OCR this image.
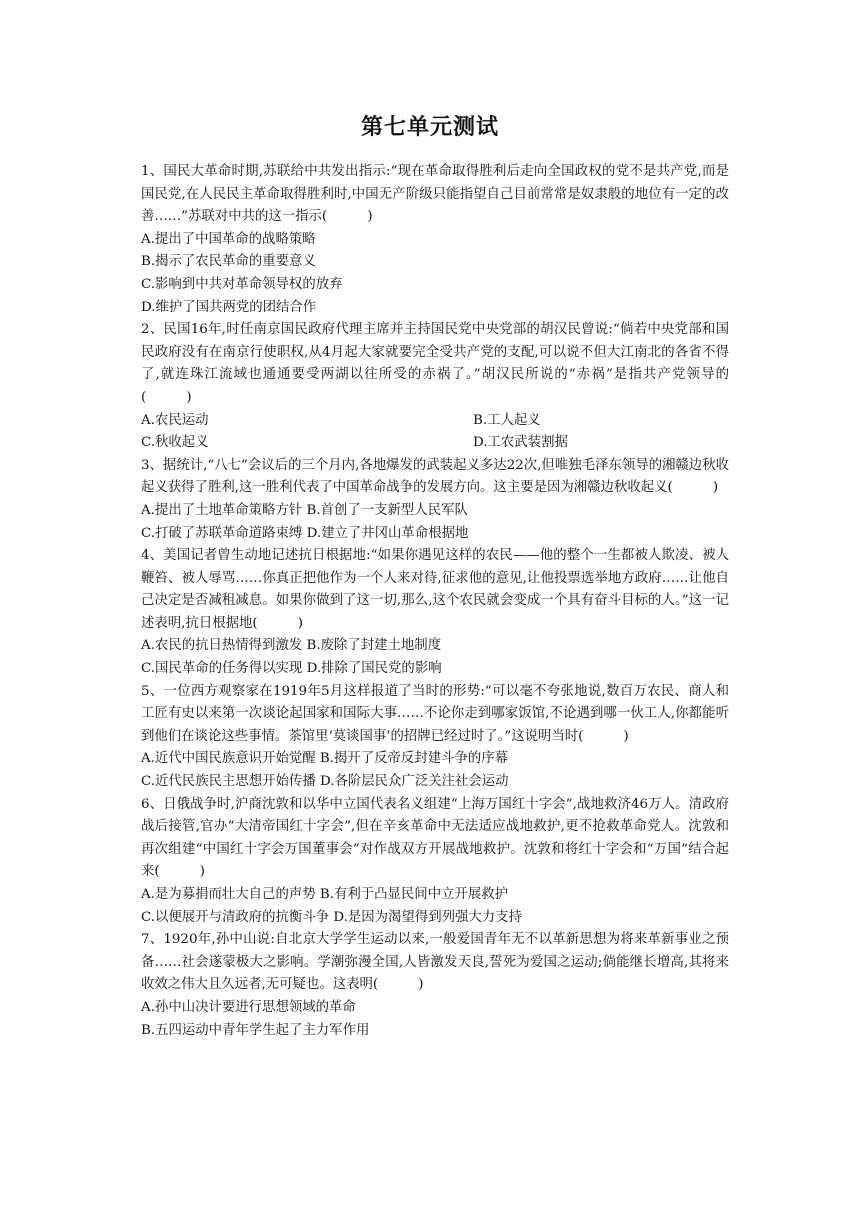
第七单元测试

1、国民大革命时期,苏联给中共发出指示:“现在革命取得胜利后走向全国政权的党不是共产党,而是国民党,在人民民主革命取得胜利时,中国无产阶级只能指望自己目前常常是奴隶般的地位有一定的改善……”苏联对中共的这一指示(　　　)

A.提出了中国革命的战略策略

B.揭示了农民革命的重要意义

C.影响到中共对革命领导权的放弃

D.维护了国共两党的团结合作

2、民国16年,时任南京国民政府代理主席并主持国民党中央党部的胡汉民曾说:“倘若中央党部和国民政府没有在南京行使职权,从4月起大家就要完全受共产党的支配,可以说不但大江南北的各省不得了,就连珠江流域也通通要受两湖以往所受的赤祸了。”胡汉民所说的“赤祸”是指共产党领导的(　　　)

A.农民运动	B.工人起义
C.秋收起义	D.工农武装割据

3、据统计,“八七”会议后的三个月内,各地爆发的武装起义多达22次,但唯独毛泽东领导的湘赣边秋收起义获得了胜利,这一胜利代表了中国革命战争的发展方向。这主要是因为湘赣边秋收起义(　　　)

A.提出了土地革命策略方针 B.首创了一支新型人民军队

C.打破了苏联革命道路束缚 D.建立了井冈山革命根据地

4、美国记者曾生动地记述抗日根据地:“如果你遇见这样的农民——他的整个一生都被人欺凌、被人鞭笞、被人辱骂……你真正把他作为一个人来对待,征求他的意见,让他投票选举地方政府……让他自己决定是否减租减息。如果你做到了这一切,那么,这个农民就会变成一个具有奋斗目标的人。”这一记述表明,抗日根据地(　　　)

A.农民的抗日热情得到激发 B.废除了封建土地制度

C.国民革命的任务得以实现 D.排除了国民党的影响

5、一位西方观察家在1919年5月这样报道了当时的形势:“可以毫不夸张地说,数百万农民、商人和工匠有史以来第一次谈论起国家和国际大事……不论你走到哪家饭馆,不论遇到哪一伙工人,你都能听到他们在谈论这些事情。茶馆里‘莫谈国事’的招牌已经过时了。”这说明当时(　　　)

A.近代中国民族意识开始觉醒 B.揭开了反帝反封建斗争的序幕

C.近代民族民主思想开始传播 D.各阶层民众广泛关注社会运动

6、日俄战争时,沪商沈敦和以华中立国代表名义组建“上海万国红十字会”,战地救济46万人。清政府战后接管,官办“大清帝国红十字会”,但在辛亥革命中无法适应战地救护,更不抢救革命党人。沈敦和再次组建“中国红十字会万国董事会”对作战双方开展战地救护。沈敦和将红十字会和“万国”结合起来(　　　)

A.是为募捐而壮大自己的声势 B.有利于凸显民间中立开展救护

C.以便展开与清政府的抗衡斗争 D.是因为渴望得到列强大力支持

7、1920年,孙中山说:自北京大学学生运动以来,一般爱国青年无不以革新思想为将来革新事业之预备……社会遂蒙极大之影响。学潮弥漫全国,人皆激发天良,誓死为爱国之运动;倘能继长增高,其将来收效之伟大且久远者,无可疑也。这表明(　　　)

A.孙中山决计要进行思想领域的革命

B.五四运动中青年学生起了主力军作用
